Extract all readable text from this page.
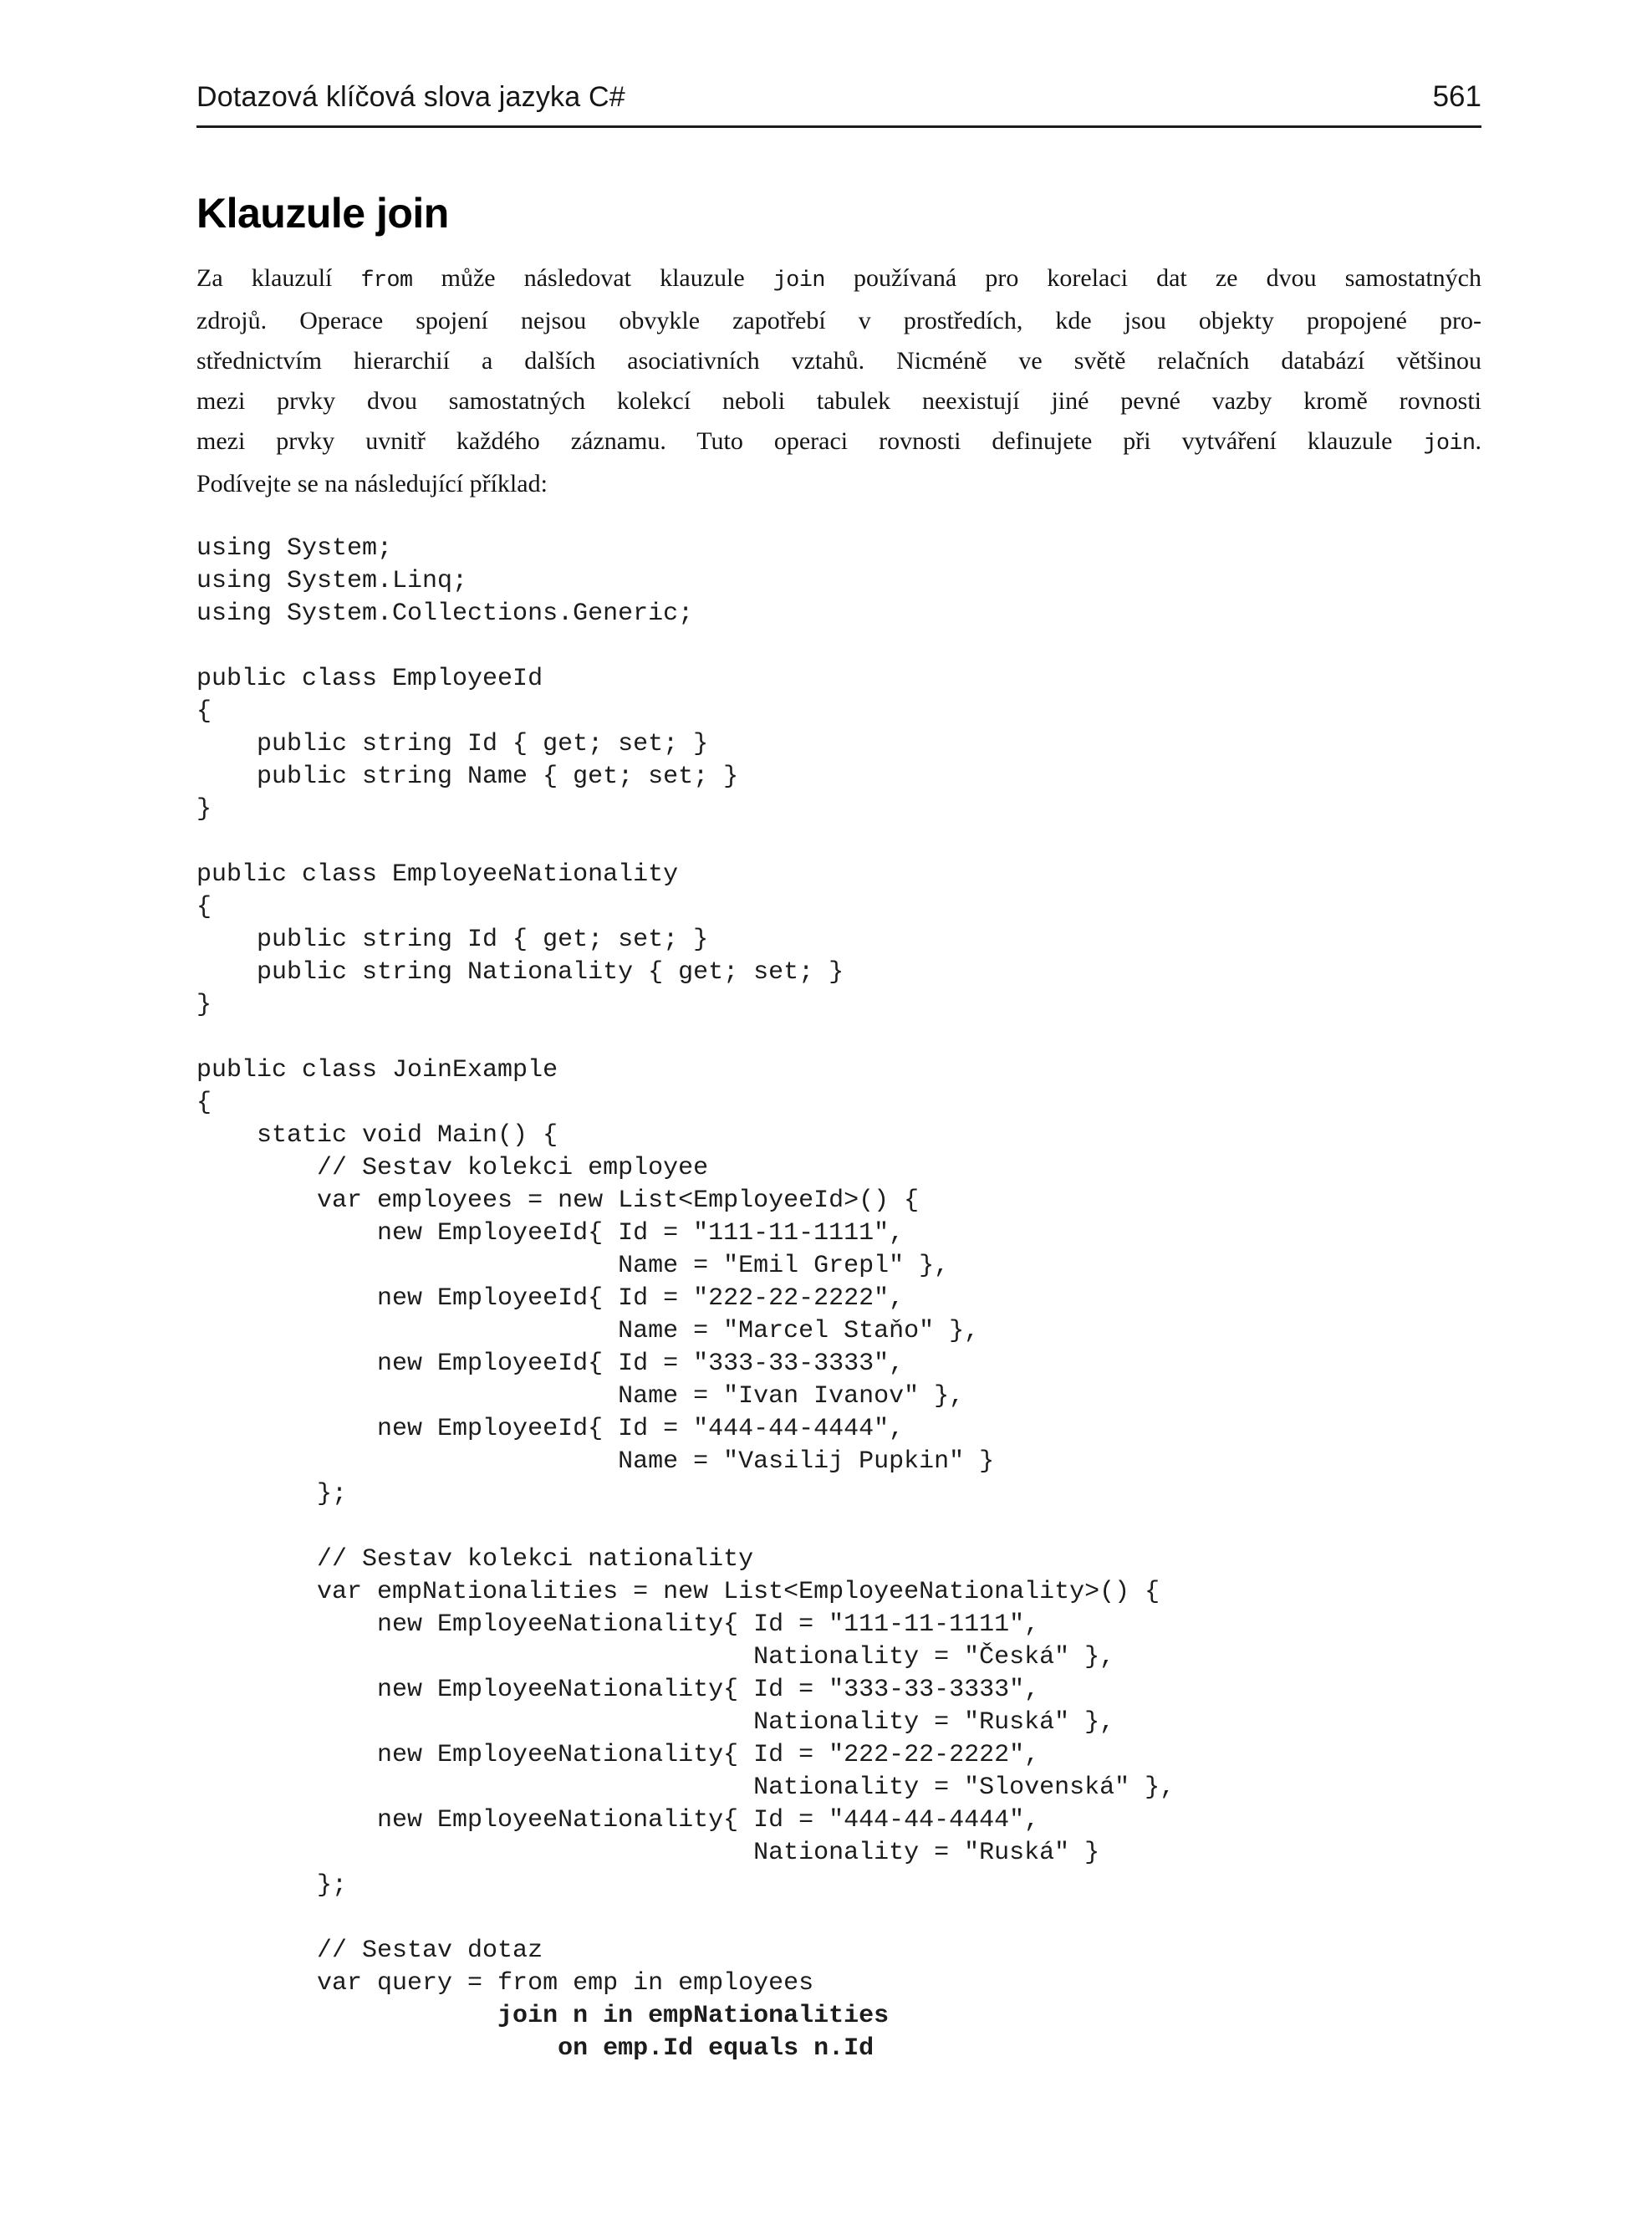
Dotazová klíčová slova jazyka C#	561
Klauzule join
Za klauzulí from může následovat klauzule join používaná pro korelaci dat ze dvou samostatných
zdrojů. Operace spojení nejsou obvykle zapotřebí v prostředích, kde jsou objekty propojené pro-
střednictvím hierarchií a dalších asociativních vztahů. Nicméně ve světě relačních databází většinou
mezi prvky dvou samostatných kolekcí neboli tabulek neexistují jiné pevné vazby kromě rovnosti
mezi prvky uvnitř každého záznamu. Tuto operaci rovnosti definujete při vytváření klauzule join.
Podívejte se na následující příklad:
using System;
using System.Linq;
using System.Collections.Generic;
public class EmployeeId
{
public string Id { get; set; }
public string Name { get; set; }
}
public class EmployeeNationality
{
public string Id { get; set; }
public string Nationality { get; set; }
}
public class JoinExample
{
static void Main() {
// Sestav kolekci employee
var employees = new List<EmployeeId>() {
new EmployeeId{ Id = "111-11-1111",
Name = "Emil Grepl" },
new EmployeeId{ Id = "222-22-2222",
Name = "Marcel Staňo" },
new EmployeeId{ Id = "333-33-3333",
Name = "Ivan Ivanov" },
new EmployeeId{ Id = "444-44-4444",
Name = "Vasilij Pupkin" }
};
// Sestav kolekci nationality
var empNationalities = new List<EmployeeNationality>() {
new EmployeeNationality{ Id = "111-11-1111",
Nationality = "Česká" },
new EmployeeNationality{ Id = "333-33-3333",
Nationality = "Ruská" },
new EmployeeNationality{ Id = "222-22-2222",
Nationality = "Slovenská" },
new EmployeeNationality{ Id = "444-44-4444",
Nationality = "Ruská" }
};
// Sestav dotaz
var query = from emp in employees
join n in empNationalities
on emp.Id equals n.Id
